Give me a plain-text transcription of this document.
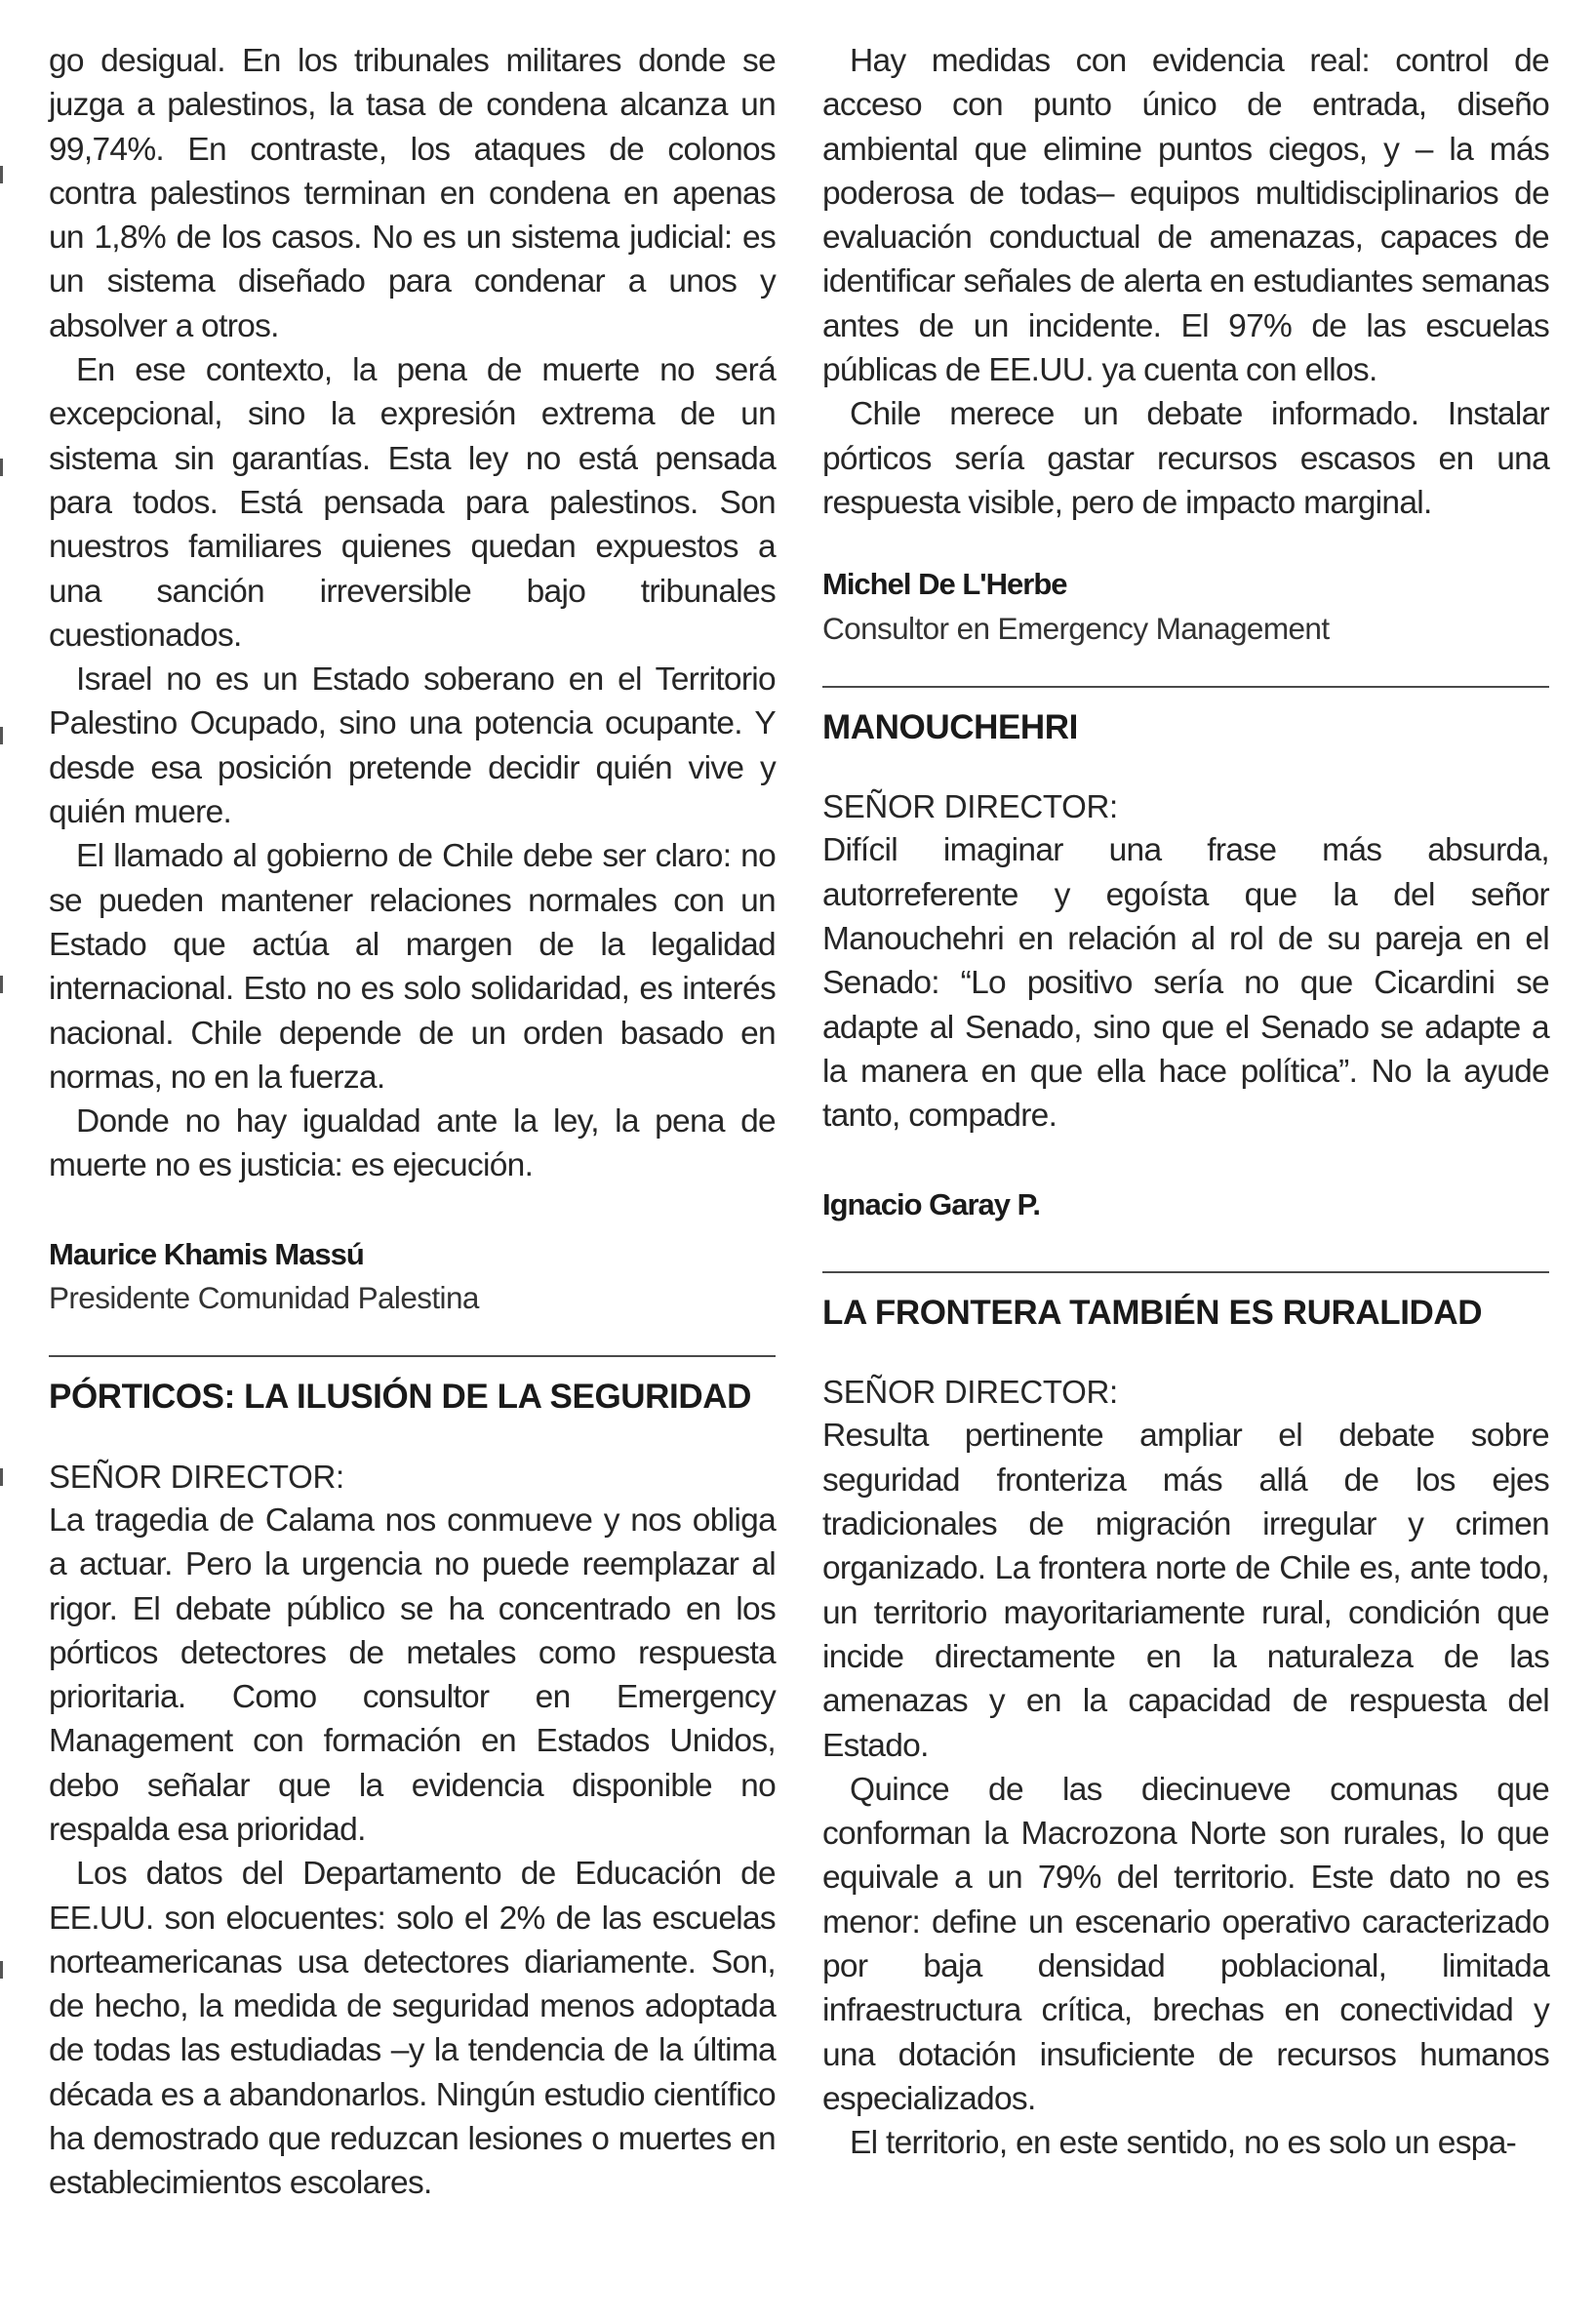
go desigual. En los tribunales militares donde se juzga a palestinos, la tasa de condena alcanza un 99,74%. En contraste, los ataques de colonos contra palestinos terminan en condena en apenas un 1,8% de los casos. No es un sistema judicial: es un sistema diseñado para condenar a unos y absolver a otros.

En ese contexto, la pena de muerte no será excepcional, sino la expresión extrema de un sistema sin garantías. Esta ley no está pensada para todos. Está pensada para palestinos. Son nuestros familiares quienes quedan expuestos a una sanción irreversible bajo tribunales cuestionados.

Israel no es un Estado soberano en el Territorio Palestino Ocupado, sino una potencia ocupante. Y desde esa posición pretende decidir quién vive y quién muere.

El llamado al gobierno de Chile debe ser claro: no se pueden mantener relaciones normales con un Estado que actúa al margen de la legalidad internacional. Esto no es solo solidaridad, es interés nacional. Chile depende de un orden basado en normas, no en la fuerza.

Donde no hay igualdad ante la ley, la pena de muerte no es justicia: es ejecución.

Maurice Khamis Massú

Presidente Comunidad Palestina

PÓRTICOS: LA ILUSIÓN DE LA SEGURIDAD

SEÑOR DIRECTOR:

La tragedia de Calama nos conmueve y nos obliga a actuar. Pero la urgencia no puede reemplazar al rigor. El debate público se ha concentrado en los pórticos detectores de metales como respuesta prioritaria. Como consultor en Emergency Management con formación en Estados Unidos, debo señalar que la evidencia disponible no respalda esa prioridad.

Los datos del Departamento de Educación de EE.UU. son elocuentes: solo el 2% de las escuelas norteamericanas usa detectores diariamente. Son, de hecho, la medida de seguridad menos adoptada de todas las estudiadas –y la tendencia de la última década es a abandonarlos. Ningún estudio científico ha demostrado que reduzcan lesiones o muertes en establecimientos escolares.

Hay medidas con evidencia real: control de acceso con punto único de entrada, diseño ambiental que elimine puntos ciegos, y – la más poderosa de todas– equipos multidisciplinarios de evaluación conductual de amenazas, capaces de identificar señales de alerta en estudiantes semanas antes de un incidente. El 97% de las escuelas públicas de EE.UU. ya cuenta con ellos.

Chile merece un debate informado. Instalar pórticos sería gastar recursos escasos en una respuesta visible, pero de impacto marginal.

Michel De L'Herbe

Consultor en Emergency Management

MANOUCHEHRI

SEÑOR DIRECTOR:

Difícil imaginar una frase más absurda, autorreferente y egoísta que la del señor Manouchehri en relación al rol de su pareja en el Senado: “Lo positivo sería no que Cicardini se adapte al Senado, sino que el Senado se adapte a la manera en que ella hace política”. No la ayude tanto, compadre.

Ignacio Garay P.

LA FRONTERA TAMBIÉN ES RURALIDAD

SEÑOR DIRECTOR:

Resulta pertinente ampliar el debate sobre seguridad fronteriza más allá de los ejes tradicionales de migración irregular y crimen organizado. La frontera norte de Chile es, ante todo, un territorio mayoritariamente rural, condición que incide directamente en la naturaleza de las amenazas y en la capacidad de respuesta del Estado.

Quince de las diecinueve comunas que conforman la Macrozona Norte son rurales, lo que equivale a un 79% del territorio. Este dato no es menor: define un escenario operativo caracterizado por baja densidad poblacional, limitada infraestructura crítica, brechas en conectividad y una dotación insuficiente de recursos humanos especializados.

El territorio, en este sentido, no es solo un espa-
